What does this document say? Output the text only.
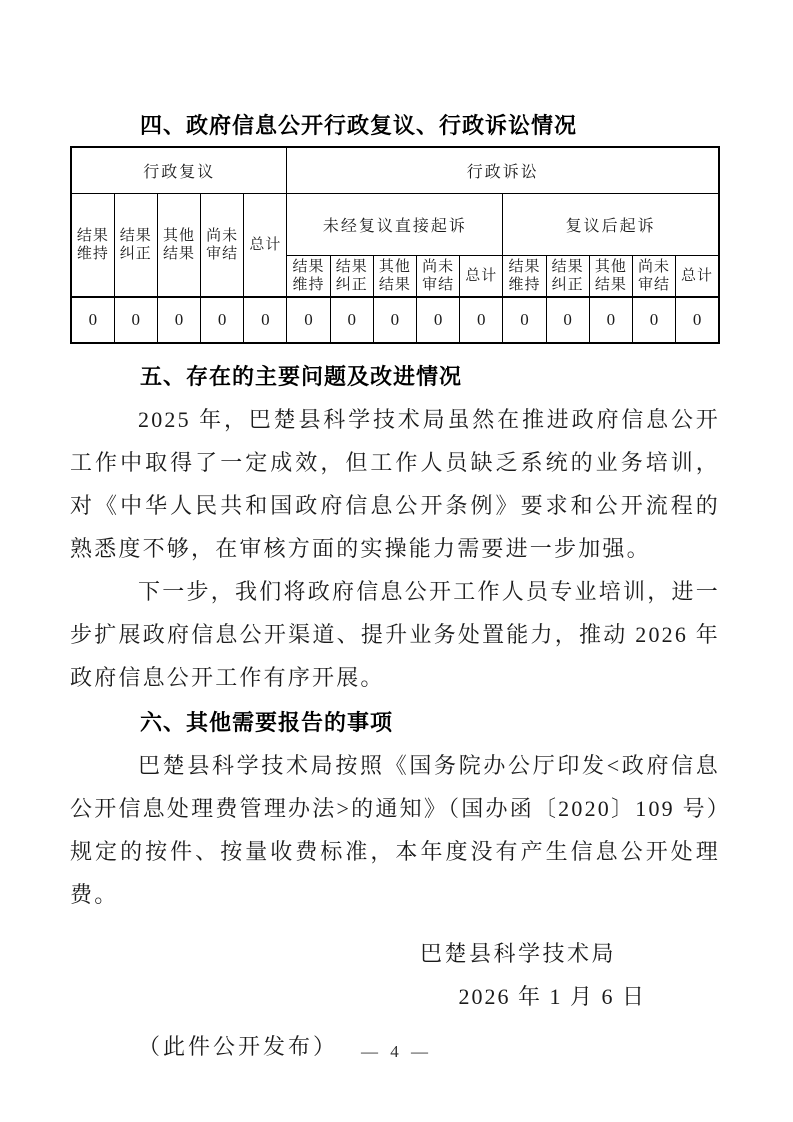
四、政府信息公开行政复议、行政诉讼情况
行政复议					行政诉讼									
结果维持	结果纠正	其他结果	尚未审结	总计	未经复议直接起诉					复议后起诉				
					结果维持	结果纠正	其他结果	尚未审结	总计	结果维持	结果纠正	其他结果	尚未审结	总计
0	0	0	0	0	0	0	0	0	0	0	0	0	0	0
五、存在的主要问题及改进情况

2025 年，巴楚县科学技术局虽然在推进政府信息公开工作中取得了一定成效，但工作人员缺乏系统的业务培训，对《中华人民共和国政府信息公开条例》要求和公开流程的熟悉度不够，在审核方面的实操能力需要进一步加强。

下一步，我们将政府信息公开工作人员专业培训，进一步扩展政府信息公开渠道、提升业务处置能力，推动 2026 年政府信息公开工作有序开展。

六、其他需要报告的事项

巴楚县科学技术局按照《国务院办公厅印发<政府信息公开信息处理费管理办法>的通知》（国办函〔2020〕109 号）规定的按件、按量收费标准，本年度没有产生信息公开处理费。

巴楚县科学技术局
2026 年 1 月 6 日
（此件公开发布）	— 4 —
